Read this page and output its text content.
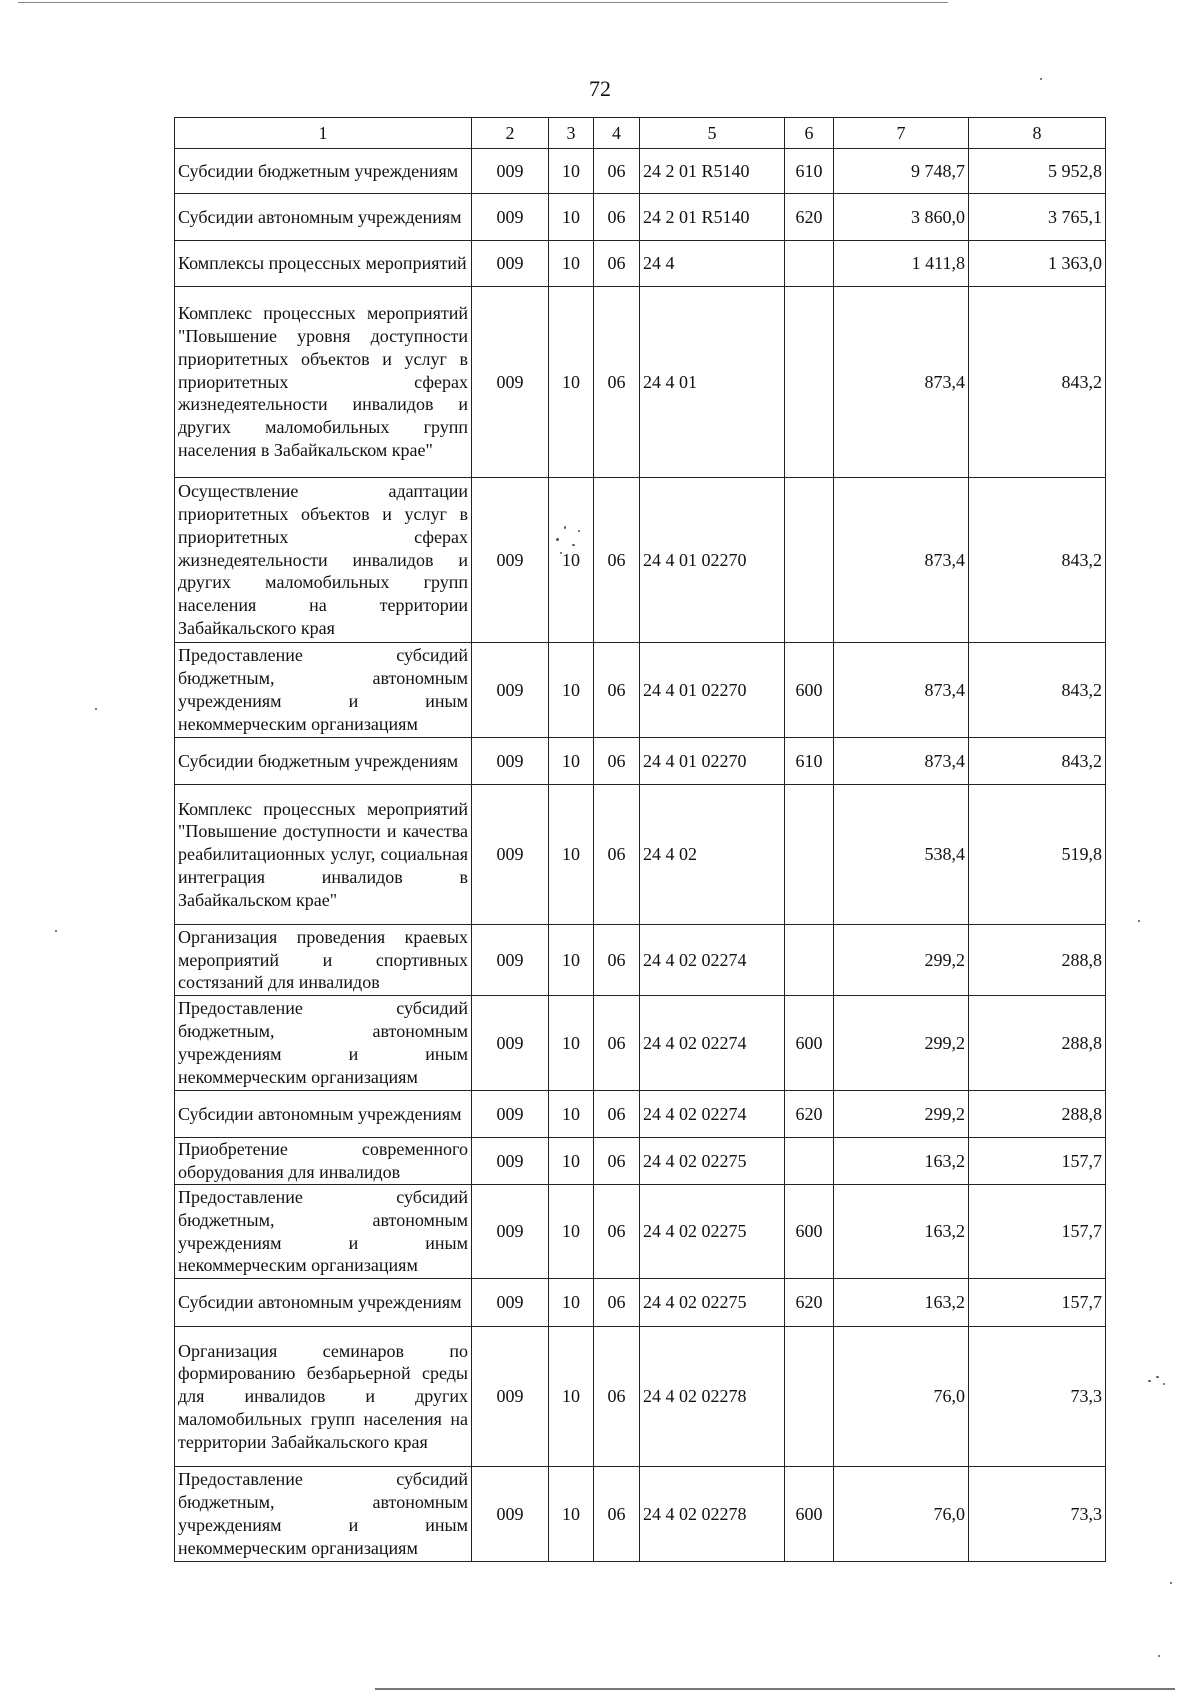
72
1	2	3	4	5	6	7	8
Субсидии бюджетным учреждениям	009	10	06	24 2 01 R5140	610	9 748,7	5 952,8
Субсидии автономным учреждениям	009	10	06	24 2 01 R5140	620	3 860,0	3 765,1
Комплексы процессных мероприятий	009	10	06	24 4		1 411,8	1 363,0
Комплекс процессных мероприятий "Повышение уровня доступности приоритетных объектов и услуг в приоритетных сферах жизнедеятельности инвалидов и других маломобильных групп населения в Забайкальском крае"	009	10	06	24 4 01		873,4	843,2
Осуществление адаптации приоритетных объектов и услуг в приоритетных сферах жизнедеятельности инвалидов и других маломобильных групп населения на территории Забайкальского края	009	10	06	24 4 01 02270		873,4	843,2
Предоставление субсидий бюджетным, автономным учреждениям и иным некоммерческим организациям	009	10	06	24 4 01 02270	600	873,4	843,2
Субсидии бюджетным учреждениям	009	10	06	24 4 01 02270	610	873,4	843,2
Комплекс процессных мероприятий "Повышение доступности и качества реабилитационных услуг, социальная интеграция инвалидов в Забайкальском крае"	009	10	06	24 4 02		538,4	519,8
Организация проведения краевых мероприятий и спортивных состязаний для инвалидов	009	10	06	24 4 02 02274		299,2	288,8
Предоставление субсидий бюджетным, автономным учреждениям и иным некоммерческим организациям	009	10	06	24 4 02 02274	600	299,2	288,8
Субсидии автономным учреждениям	009	10	06	24 4 02 02274	620	299,2	288,8
Приобретение современного оборудования для инвалидов	009	10	06	24 4 02 02275		163,2	157,7
Предоставление субсидий бюджетным, автономным учреждениям и иным некоммерческим организациям	009	10	06	24 4 02 02275	600	163,2	157,7
Субсидии автономным учреждениям	009	10	06	24 4 02 02275	620	163,2	157,7
Организация семинаров по формированию безбарьерной среды для инвалидов и других маломобильных групп населения на территории Забайкальского края	009	10	06	24 4 02 02278		76,0	73,3
Предоставление субсидий бюджетным, автономным учреждениям и иным некоммерческим организациям	009	10	06	24 4 02 02278	600	76,0	73,3
